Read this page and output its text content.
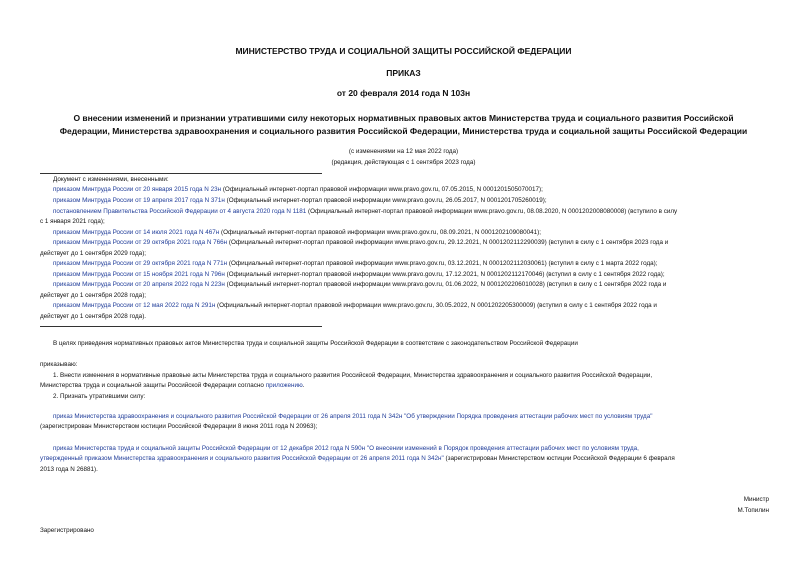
МИНИСТЕРСТВО ТРУДА И СОЦИАЛЬНОЙ ЗАЩИТЫ РОССИЙСКОЙ ФЕДЕРАЦИИ
ПРИКАЗ
от 20 февраля 2014 года N 103н
О внесении изменений и признании утратившими силу некоторых нормативных правовых актов Министерства труда и социального развития Российской
Федерации, Министерства здравоохранения и социального развития Российской Федерации, Министерства труда и социальной защиты Российской Федерации
(с изменениями на 12 мая 2022 года)
(редакция, действующая с 1 сентября 2023 года)
Документ с изменениями, внесенными:
приказом Минтруда России от 20 января 2015 года N 23н (Официальный интернет-портал правовой информации www.pravo.gov.ru, 07.05.2015, N 0001201505070017);
приказом Минтруда России от 19 апреля 2017 года N 371н (Официальный интернет-портал правовой информации www.pravo.gov.ru, 26.05.2017, N 0001201705260019);
постановлением Правительства Российской Федерации от 4 августа 2020 года N 1181 (Официальный интернет-портал правовой информации www.pravo.gov.ru, 08.08.2020, N 0001202008080008) (вступило в силу
с 1 января 2021 года);
приказом Минтруда России от 14 июля 2021 года N 467н (Официальный интернет-портал правовой информации www.pravo.gov.ru, 08.09.2021, N 0001202109080041);
приказом Минтруда России от 29 октября 2021 года N 766н (Официальный интернет-портал правовой информации www.pravo.gov.ru, 29.12.2021, N 0001202112290039) (вступил в силу с 1 сентября 2023 года и
действует до 1 сентября 2029 года);
приказом Минтруда России от 29 октября 2021 года N 771н (Официальный интернет-портал правовой информации www.pravo.gov.ru, 03.12.2021, N 0001202112030061) (вступил в силу с 1 марта 2022 года);
приказом Минтруда России от 15 ноября 2021 года N 796н (Официальный интернет-портал правовой информации www.pravo.gov.ru, 17.12.2021, N 0001202112170046) (вступил в силу с 1 сентября 2022 года);
приказом Минтруда России от 20 апреля 2022 года N 223н (Официальный интернет-портал правовой информации www.pravo.gov.ru, 01.06.2022, N 0001202206010028) (вступил в силу с 1 сентября 2022 года и
действует до 1 сентября 2028 года);
приказом Минтруда России от 12 мая 2022 года N 291н (Официальный интернет-портал правовой информации www.pravo.gov.ru, 30.05.2022, N 0001202205300009) (вступил в силу с 1 сентября 2022 года и
действует до 1 сентября 2028 года).
В целях приведения нормативных правовых актов Министерства труда и социальной защиты Российской Федерации в соответствие с законодательством Российской Федерации
приказываю:
1. Внести изменения в нормативные правовые акты Министерства труда и социального развития Российской Федерации, Министерства здравоохранения и социального развития Российской Федерации,
Министерства труда и социальной защиты Российской Федерации согласно приложению.
2. Признать утратившими силу:
приказ Министерства здравоохранения и социального развития Российской Федерации от 26 апреля 2011 года N 342н "Об утверждении Порядка проведения аттестации рабочих мест по условиям труда"
(зарегистрирован Министерством юстиции Российской Федерации 8 июня 2011 года N 20963);
приказ Министерства труда и социальной защиты Российской Федерации от 12 декабря 2012 года N 590н "О внесении изменений в Порядок проведения аттестации рабочих мест по условиям труда,
утвержденный приказом Министерства здравоохранения и социального развития Российской Федерации от 26 апреля 2011 года N 342н" (зарегистрирован Министерством юстиции Российской Федерации 6 февраля
2013 года N 26881).
Министр
М.Топилин
Зарегистрировано
